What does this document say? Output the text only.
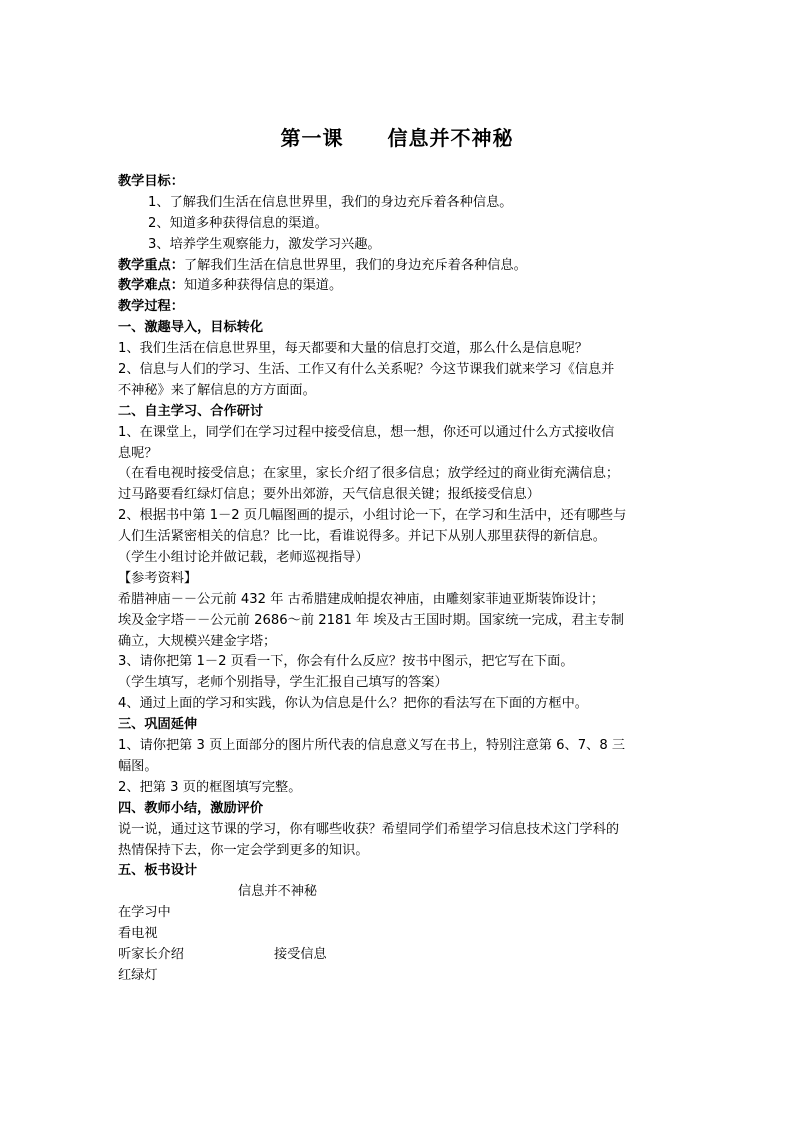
第一课 信息并不神秘
教学目标：
1、了解我们生活在信息世界里，我们的身边充斥着各种信息。
2、知道多种获得信息的渠道。
3、培养学生观察能力，激发学习兴趣。
教学重点：了解我们生活在信息世界里，我们的身边充斥着各种信息。
教学难点：知道多种获得信息的渠道。
教学过程：
一、激趣导入，目标转化
1、我们生活在信息世界里，每天都要和大量的信息打交道，那么什么是信息呢？
2、信息与人们的学习、生活、工作又有什么关系呢？今这节课我们就来学习《信息并
不神秘》来了解信息的方方面面。
二、自主学习、合作研讨
1、在课堂上，同学们在学习过程中接受信息，想一想，你还可以通过什么方式接收信
息呢？
（在看电视时接受信息；在家里，家长介绍了很多信息；放学经过的商业街充满信息；
过马路要看红绿灯信息；要外出郊游，天气信息很关键；报纸接受信息）
2、根据书中第 1－2 页几幅图画的提示，小组讨论一下，在学习和生活中，还有哪些与
人们生活紧密相关的信息？比一比，看谁说得多。并记下从别人那里获得的新信息。
（学生小组讨论并做记载，老师巡视指导）
【参考资料】
希腊神庙－－公元前 432 年 古希腊建成帕提农神庙，由雕刻家菲迪亚斯装饰设计；
埃及金字塔－－公元前 2686～前 2181 年 埃及古王国时期。国家统一完成，君主专制
确立，大规模兴建金字塔；
3、请你把第 1－2 页看一下，你会有什么反应？按书中图示，把它写在下面。
（学生填写，老师个别指导，学生汇报自己填写的答案）
4、通过上面的学习和实践，你认为信息是什么？把你的看法写在下面的方框中。
三、巩固延伸
1、请你把第 3 页上面部分的图片所代表的信息意义写在书上，特别注意第 6、7、8 三
幅图。
2、把第 3 页的框图填写完整。
四、教师小结，激励评价
说一说，通过这节课的学习，你有哪些收获？希望同学们希望学习信息技术这门学科的
热情保持下去，你一定会学到更多的知识。
五、板书设计
信息并不神秘
在学习中
看电视
听家长介绍	接受信息
红绿灯
